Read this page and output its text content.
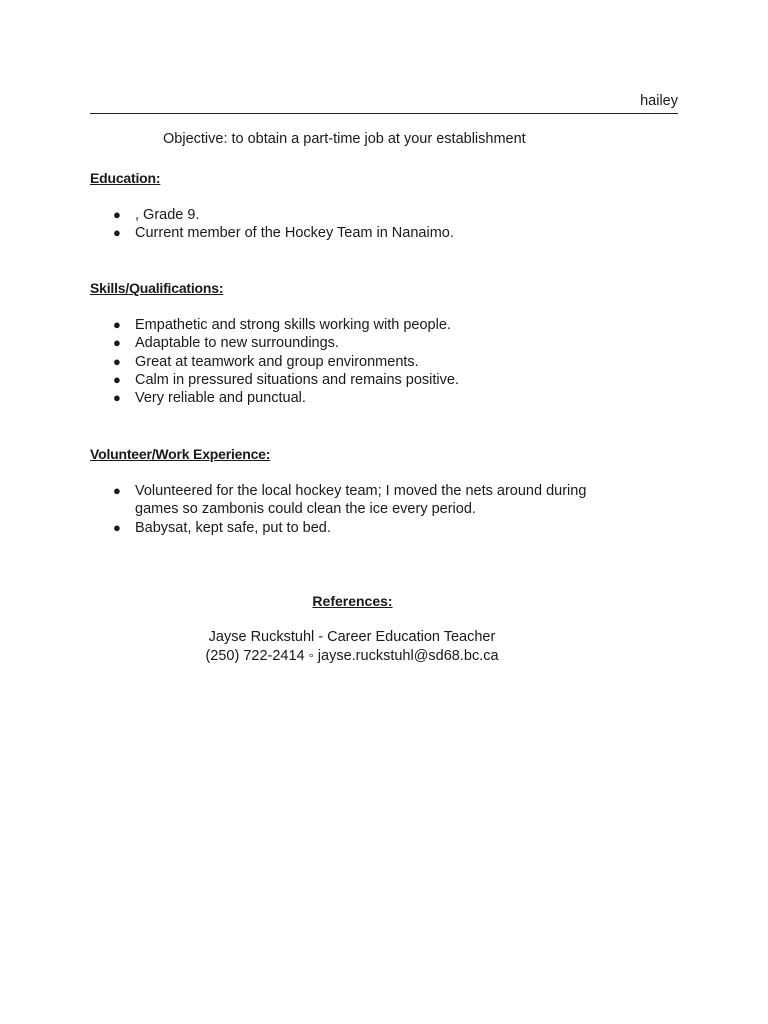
hailey
Objective: to obtain a part-time job at your establishment
Education:
● , Grade 9.
● Current member of the Hockey Team in Nanaimo.
Skills/Qualifications:
● Empathetic and strong skills working with people.
● Adaptable to new surroundings.
● Great at teamwork and group environments.
● Calm in pressured situations and remains positive.
● Very reliable and punctual.
Volunteer/Work Experience:
● Volunteered for the local hockey team; I moved the nets around during games so zambonis could clean the ice every period.
● Babysat, kept safe, put to bed.
References:
Jayse Ruckstuhl - Career Education Teacher
(250) 722-2414 ◦ jayse.ruckstuhl@sd68.bc.ca
